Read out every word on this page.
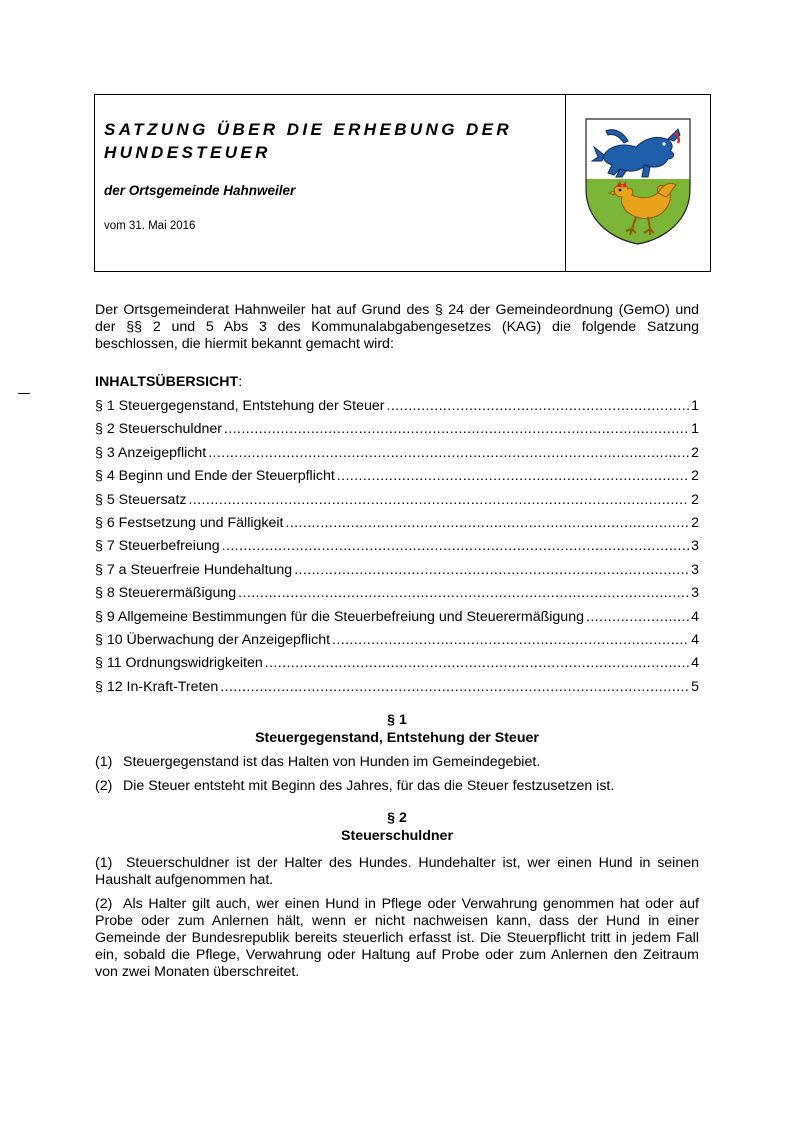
SATZUNG ÜBER DIE ERHEBUNG DER HUNDESTEUER

der Ortsgemeinde Hahnweiler

vom 31. Mai 2016

Der Ortsgemeinderat Hahnweiler hat auf Grund des § 24 der Gemeindeordnung (GemO) und der §§ 2 und 5 Abs 3 des Kommunalabgabengesetzes (KAG) die folgende Satzung beschlossen, die hiermit bekannt gemacht wird:

INHALTSÜBERSICHT:

§ 1 Steuergegenstand, Entstehung der Steuer .....	1
§ 2 Steuerschuldner .....	1
§ 3 Anzeigepflicht .....	2
§ 4 Beginn und Ende der Steuerpflicht .....	2
§ 5 Steuersatz .....	2
§ 6 Festsetzung und Fälligkeit .....	2
§ 7 Steuerbefreiung .....	3
§ 7 a Steuerfreie Hundehaltung .....	3
§ 8 Steuerermäßigung .....	3
§ 9 Allgemeine Bestimmungen für die Steuerbefreiung und Steuerermäßigung .....	4
§ 10 Überwachung der Anzeigepflicht .....	4
§ 11 Ordnungswidrigkeiten .....	4
§ 12 In-Kraft-Treten .....	5
§ 1
Steuergegenstand, Entstehung der Steuer
(1) Steuergegenstand ist das Halten von Hunden im Gemeindegebiet.
(2) Die Steuer entsteht mit Beginn des Jahres, für das die Steuer festzusetzen ist.
§ 2
Steuerschuldner
(1) Steuerschuldner ist der Halter des Hundes. Hundehalter ist, wer einen Hund in seinen Haushalt aufgenommen hat.
(2) Als Halter gilt auch, wer einen Hund in Pflege oder Verwahrung genommen hat oder auf Probe oder zum Anlernen hält, wenn er nicht nachweisen kann, dass der Hund in einer Gemeinde der Bundesrepublik bereits steuerlich erfasst ist. Die Steuerpflicht tritt in jedem Fall ein, sobald die Pflege, Verwahrung oder Haltung auf Probe oder zum Anlernen den Zeitraum von zwei Monaten überschreitet.
